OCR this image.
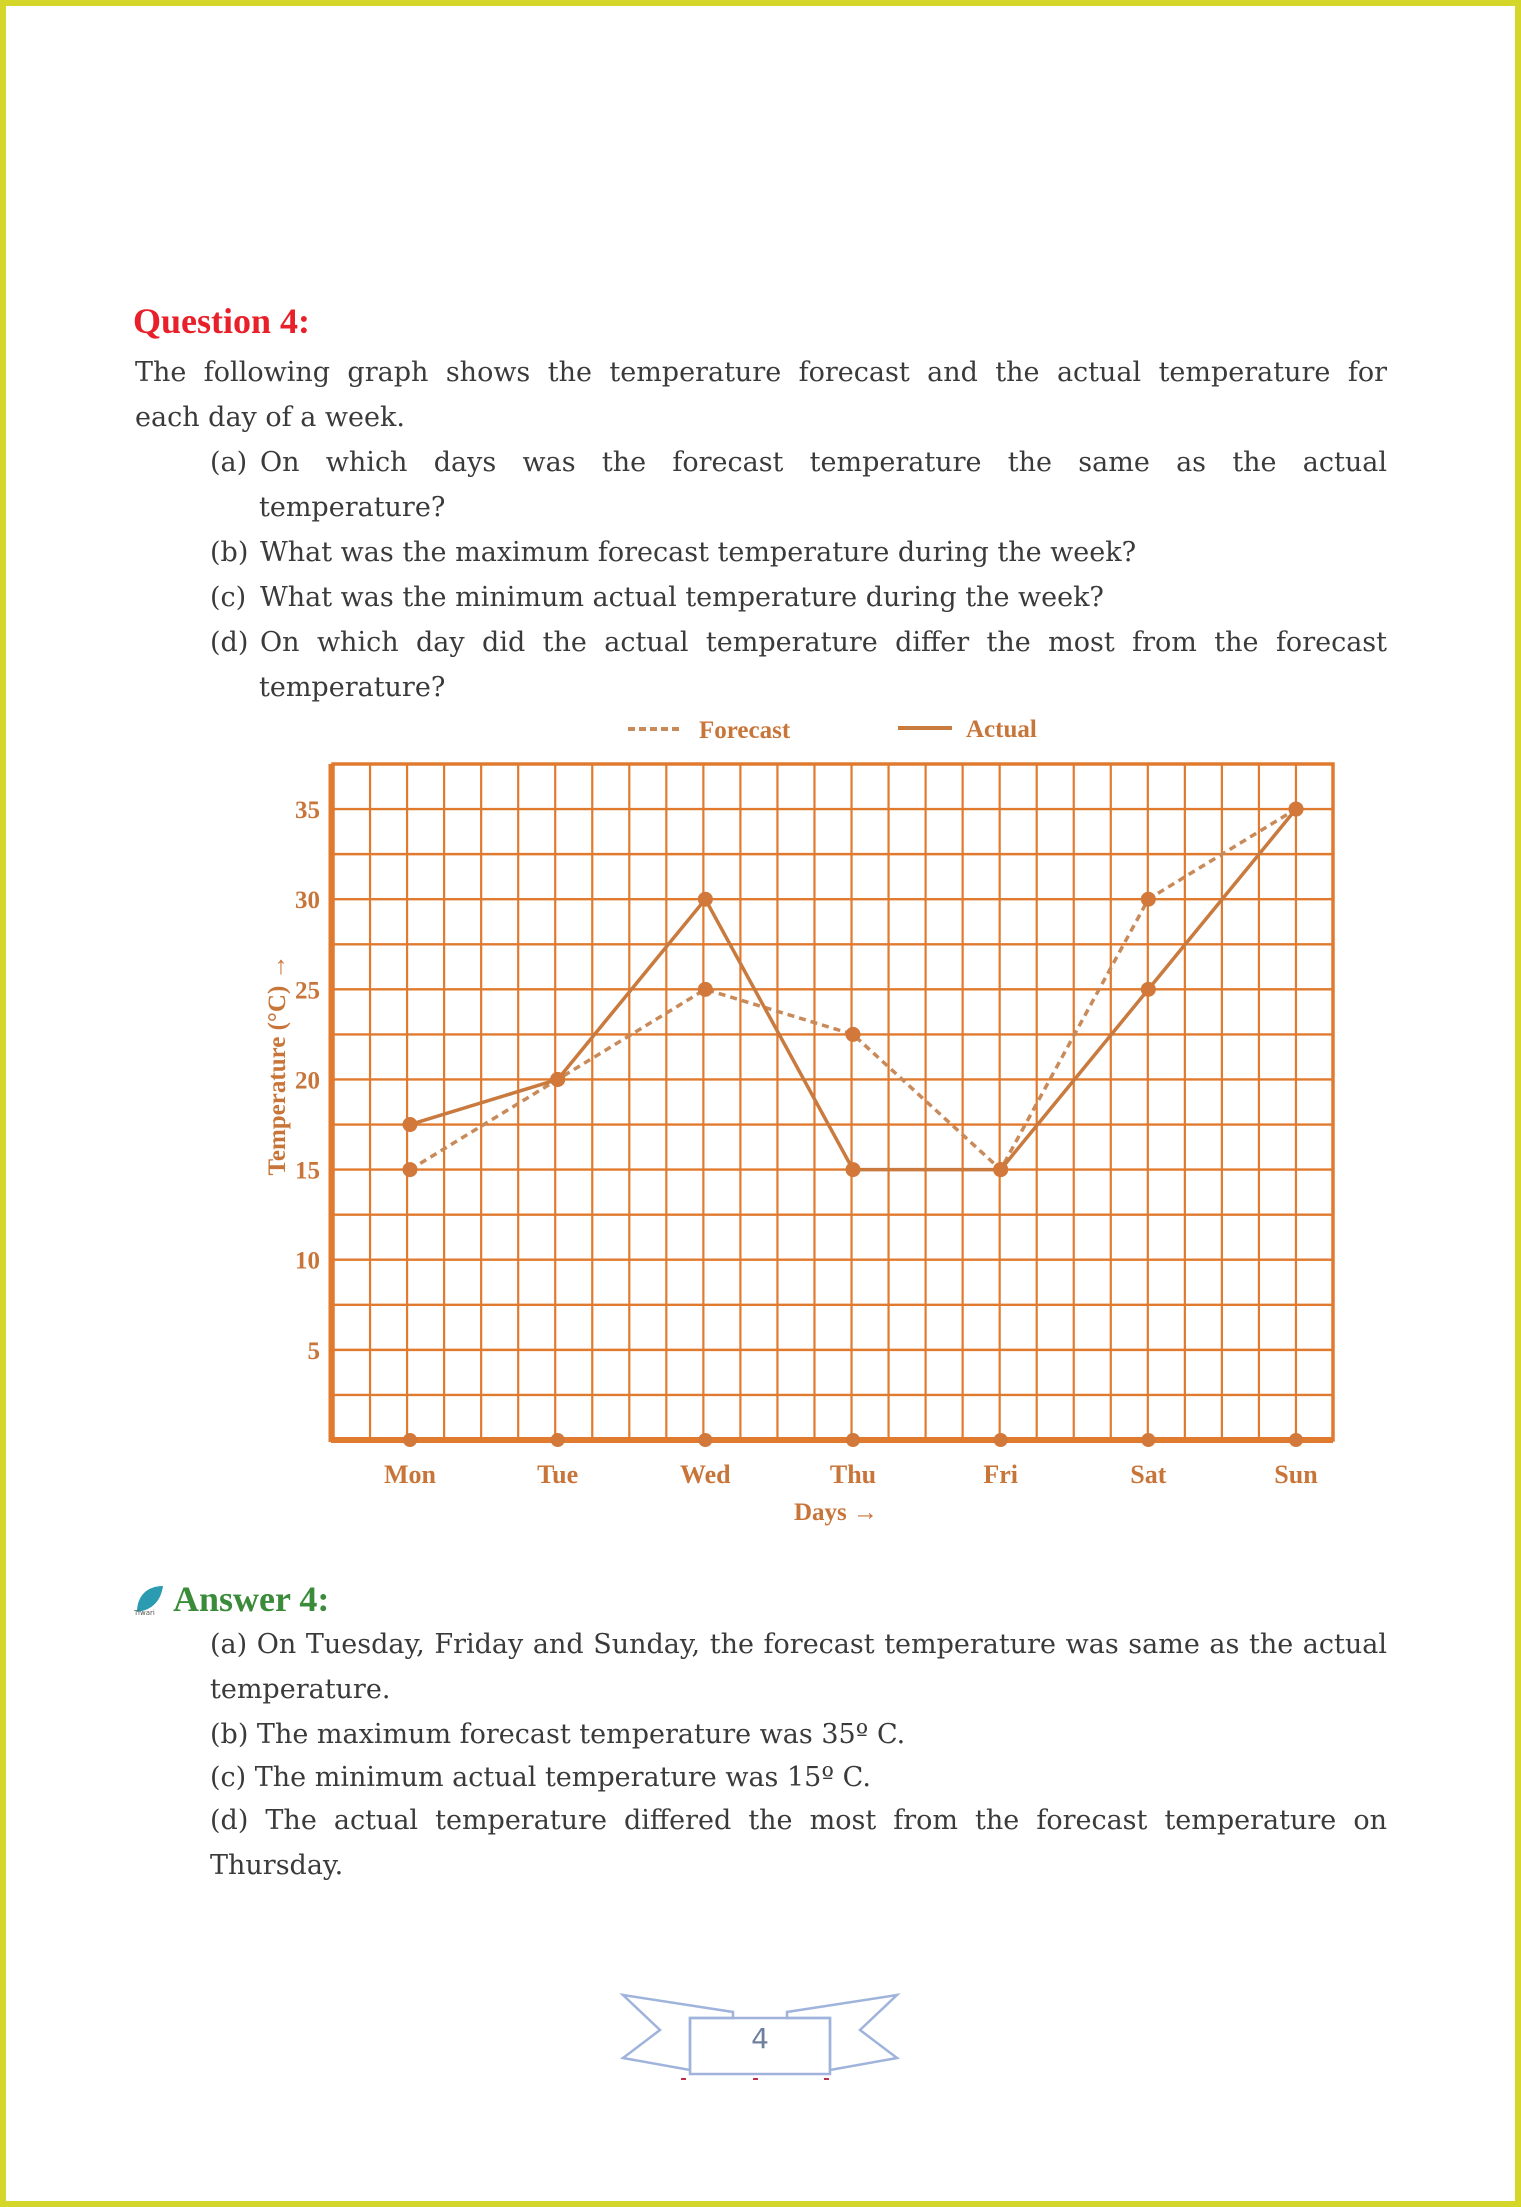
Question 4:
The following graph shows the temperature forecast and the actual temperature for
each day of a week.
(a) On which days was the forecast temperature the same as the actual
temperature?
(b) What was the maximum forecast temperature during the week?
(c) What was the minimum actual temperature during the week?
(d) On which day did the actual temperature differ the most from the forecast
temperature?
Forecast	Actual
5
10
15
20
25
30
35
Mon	Tue	Wed	Thu	Fri	Sat	Sun
Days →
Temperature (°C) →
Tiwari Answer 4:
(a) On Tuesday, Friday and Sunday, the forecast temperature was same as the actual
temperature.
(b) The maximum forecast temperature was 35º C.
(c) The minimum actual temperature was 15º C.
(d) The actual temperature differed the most from the forecast temperature on
Thursday.
4
